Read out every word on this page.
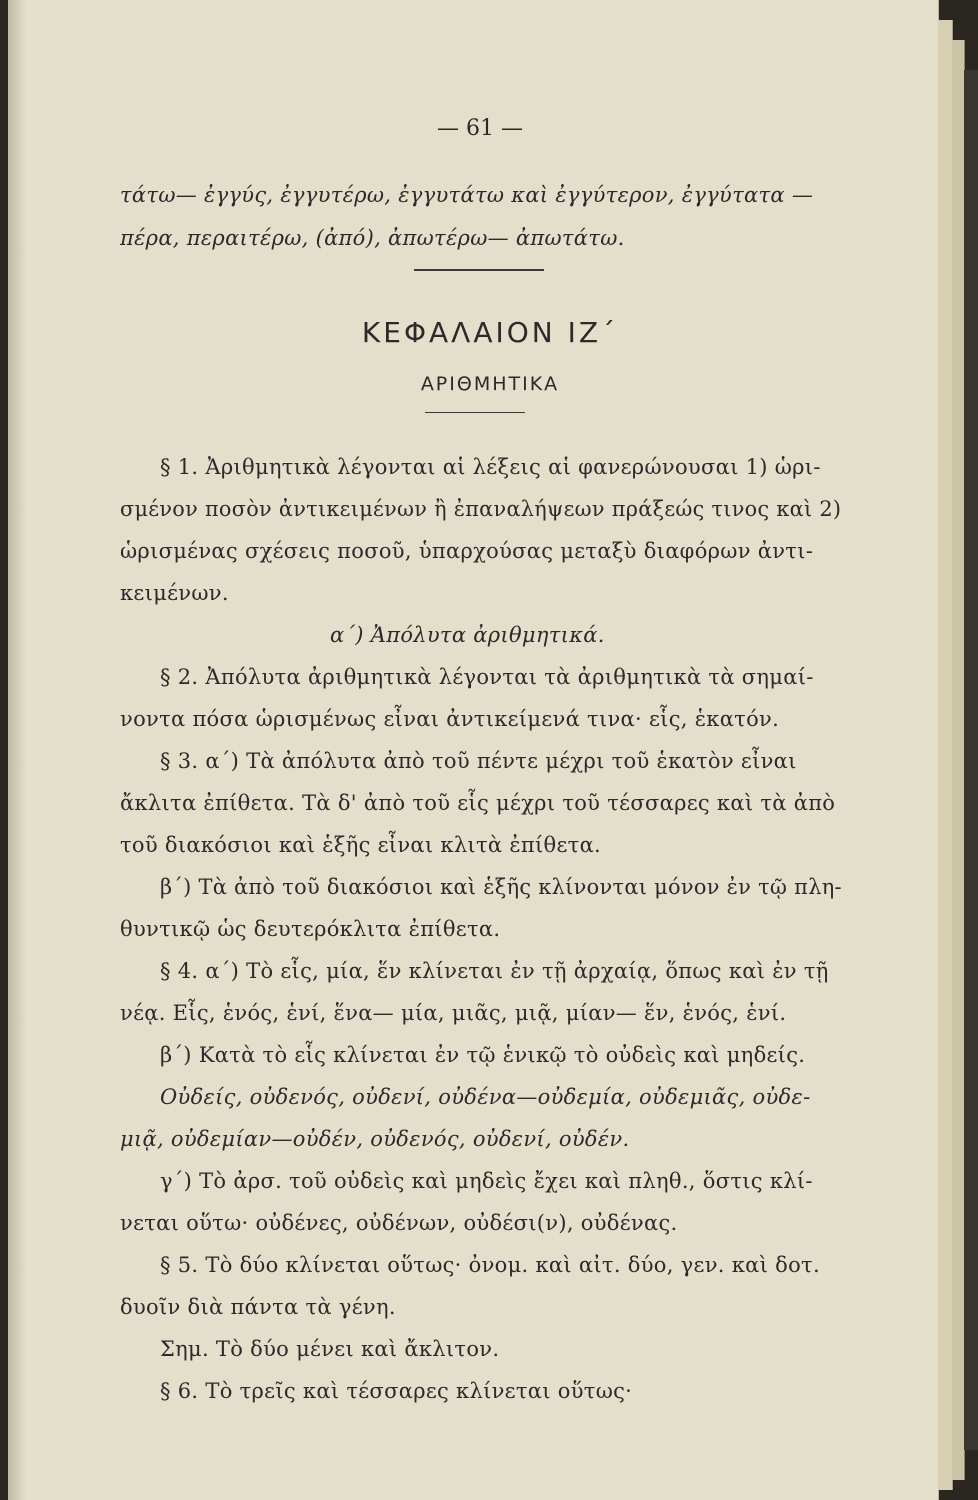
— 61 —
τάτω— ἐγγύς, ἐγγυτέρω, ἐγγυτάτω καὶ ἐγγύτερον, ἐγγύτατα —
πέρα, περαιτέρω, (ἀπό), ἀπωτέρω— ἀπωτάτω.
ΚΕΦΑΛΑΙΟΝ ΙΖ΄
ΑΡΙΘΜΗΤΙΚΑ
§ 1. Ἀριθμητικὰ λέγονται αἱ λέξεις αἱ φανερώνουσαι 1) ὡρι-
σμένον ποσὸν ἀντικειμένων ἢ ἐπαναλήψεων πράξεώς τινος καὶ 2)
ὡρισμένας σχέσεις ποσοῦ, ὑπαρχούσας μεταξὺ διαφόρων ἀντι-
κειμένων.
α΄) Ἀπόλυτα ἀριθμητικά.
§ 2. Ἀπόλυτα ἀριθμητικὰ λέγονται τὰ ἀριθμητικὰ τὰ σημαί-
νοντα πόσα ὡρισμένως εἶναι ἀντικείμενά τινα· εἷς, ἑκατόν.
§ 3. α΄) Τὰ ἀπόλυτα ἀπὸ τοῦ πέντε μέχρι τοῦ ἑκατὸν εἶναι
ἄκλιτα ἐπίθετα. Τὰ δ' ἀπὸ τοῦ εἷς μέχρι τοῦ τέσσαρες καὶ τὰ ἀπὸ
τοῦ διακόσιοι καὶ ἑξῆς εἶναι κλιτὰ ἐπίθετα.
β΄) Τὰ ἀπὸ τοῦ διακόσιοι καὶ ἑξῆς κλίνονται μόνον ἐν τῷ πλη-
θυντικῷ ὡς δευτερόκλιτα ἐπίθετα.
§ 4. α΄) Τὸ εἷς, μία, ἕν κλίνεται ἐν τῇ ἀρχαίᾳ, ὅπως καὶ ἐν τῇ
νέᾳ. Εἷς, ἑνός, ἑνί, ἕνα— μία, μιᾶς, μιᾷ, μίαν— ἕν, ἑνός, ἑνί.
β΄) Κατὰ τὸ εἷς κλίνεται ἐν τῷ ἑνικῷ τὸ οὐδεὶς καὶ μηδείς.
Οὐδείς, οὐδενός, οὐδενί, οὐδένα—οὐδεμία, οὐδεμιᾶς, οὐδε-
μιᾷ, οὐδεμίαν—οὐδέν, οὐδενός, οὐδενί, οὐδέν.
γ΄) Τὸ ἀρσ. τοῦ οὐδεὶς καὶ μηδεὶς ἔχει καὶ πληθ., ὅστις κλί-
νεται οὕτω· οὐδένες, οὐδένων, οὐδέσι(ν), οὐδένας.
§ 5. Τὸ δύο κλίνεται οὕτως· ὀνομ. καὶ αἰτ. δύο, γεν. καὶ δοτ.
δυοῖν διὰ πάντα τὰ γένη.
Σημ. Τὸ δύο μένει καὶ ἄκλιτον.
§ 6. Τὸ τρεῖς καὶ τέσσαρες κλίνεται οὕτως·
